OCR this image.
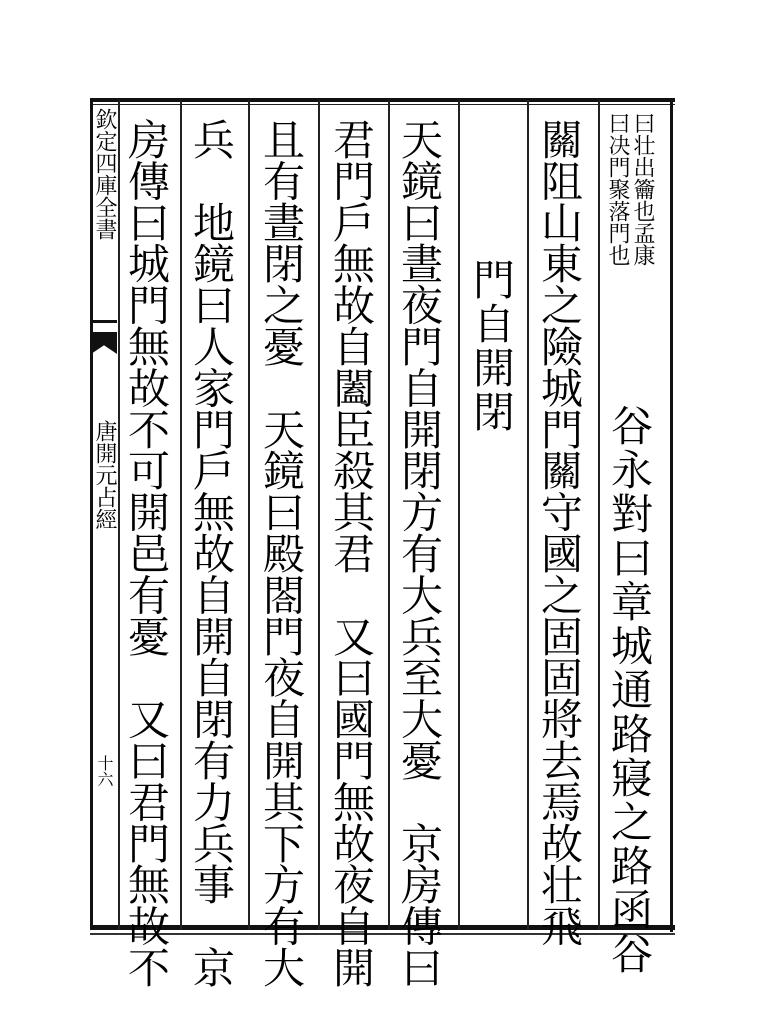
欽定四庫全書
唐開元占經
十六
曰壮出籥也孟康
曰决門聚落門也
谷永對曰章城通路寢之路函谷
關阻山東之險城門關守國之固固將去焉故壮飛
門自開閉
天鏡曰晝夜門自開閉方有大兵至大憂　京房傳曰
君門戶無故自闔臣殺其君　又曰國門無故夜自開
且有晝閉之憂　天鏡曰殿閤門夜自開其下方有大
兵　地鏡曰人家門戶無故自開自閉有力兵事　京
房傳曰城門無故不可開邑有憂　又曰君門無故不
